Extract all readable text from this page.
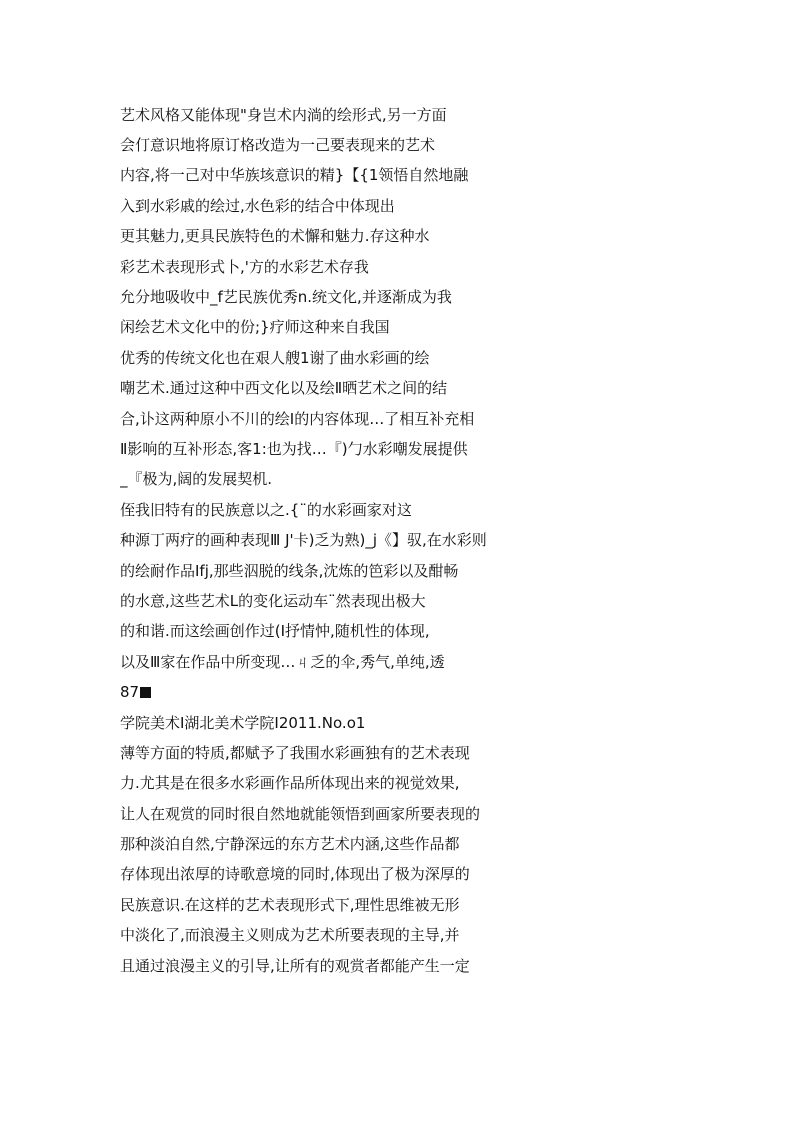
艺术风格又能体现"身岂术内淌的绘形式,另一方面
会仃意识地将原订格改造为一己要表现来的艺术
内容,将一己对中华族垓意识的精}【{1领悟自然地融
入到水彩戚的绘过,水色彩的结合中体现出
更其魅力,更具民族特色的术懈和魅力.存这种水
彩艺术表现形式卜,'方的水彩艺术存我
允分地吸收中_f艺民族优秀n.统文化,并逐渐成为我
闲绘艺术文化中的份;}疗师这种来自我国
优秀的传统文化也在艰人艘1谢了曲水彩画的绘
嘲艺术.通过这种中西文化以及绘Ⅱ晒艺术之间的结
合,讣这两种原小不川的绘I的内容体现…了相互补充相
Ⅱ影响的互补形态,客1:也为找…『)勹水彩嘲发展提供
_『极为,阔的发展契机.
侄我旧特有的民族意以之.{¨的水彩画家对这
种源丁两疗的画种表现Ⅲ J'卡)乏为熟)_j《】驭,在水彩则
的绘耐作品Ifj,那些泅脱的线条,沈炼的笆彩以及酣畅
的水意,这些艺术L的变化运动车¨然表现出极大
的和谐.而这绘画创作过(I抒情忡,随机性的体现,
以及Ⅲ家在作品中所变现…ㄐ乏的伞,秀气,单纯,透
87
学院美术I湖北美术学院I2011.No.o1
薄等方面的特质,都赋予了我围水彩画独有的艺术表现
力.尤其是在很多水彩画作品所体现出来的视觉效果,
让人在观赏的同时很自然地就能领悟到画家所要表现的
那种淡泊自然,宁静深远的东方艺术内涵,这些作品都
存体现出浓厚的诗歌意境的同时,体现出了极为深厚的
民族意识.在这样的艺术表现形式下,理性思维被无形
中淡化了,而浪漫主义则成为艺术所要表现的主导,并
且通过浪漫主义的引导,让所有的观赏者都能产生一定
